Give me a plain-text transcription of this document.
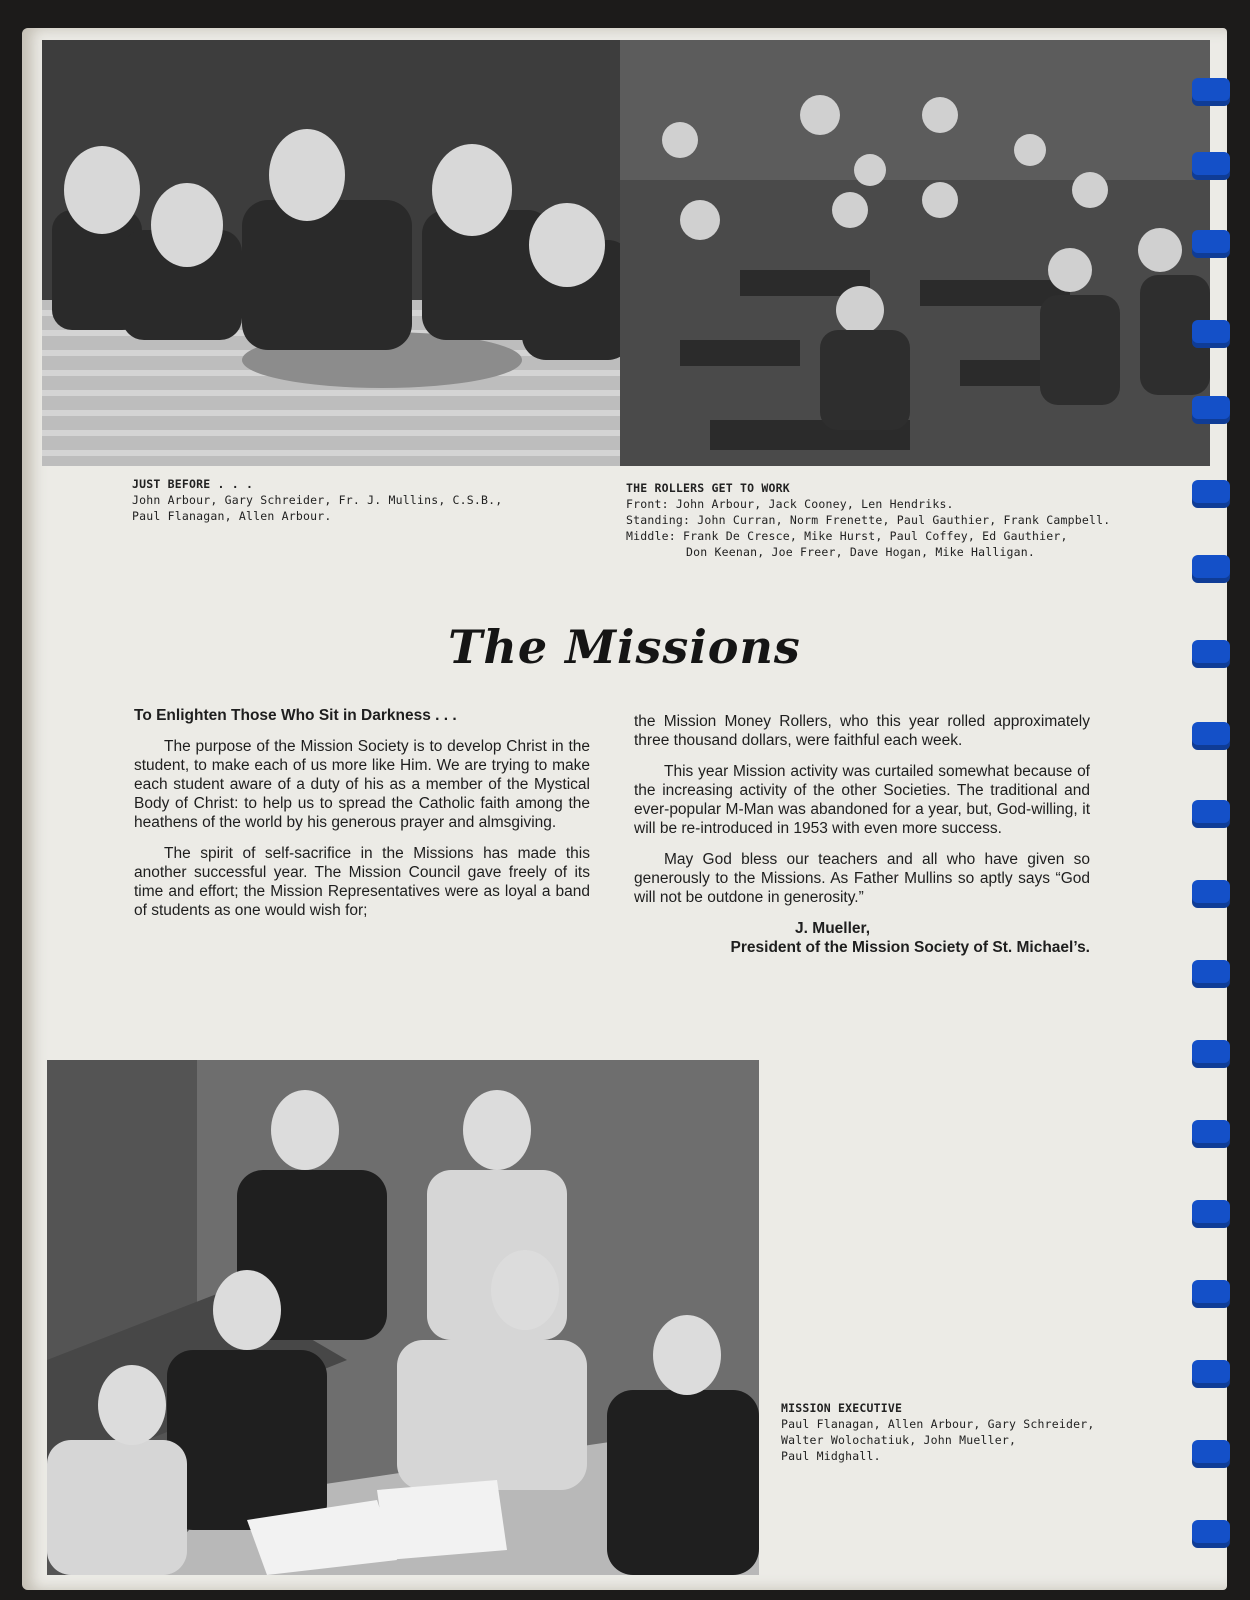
JUST BEFORE . . .
John Arbour, Gary Schreider, Fr. J. Mullins, C.S.B.,
Paul Flanagan, Allen Arbour.
THE ROLLERS GET TO WORK
Front: John Arbour, Jack Cooney, Len Hendriks.
Standing: John Curran, Norm Frenette, Paul Gauthier, Frank Campbell.
Middle: Frank De Cresce, Mike Hurst, Paul Coffey, Ed Gauthier,
Don Keenan, Joe Freer, Dave Hogan, Mike Halligan.
The Missions

To Enlighten Those Who Sit in Darkness . . .

The purpose of the Mission Society is to develop Christ in the student, to make each of us more like Him. We are trying to make each student aware of a duty of his as a member of the Mystical Body of Christ: to help us to spread the Catholic faith among the heathens of the world by his generous prayer and almsgiving.

The spirit of self-sacrifice in the Missions has made this another successful year. The Mission Council gave freely of its time and effort; the Mission Representatives were as loyal a band of students as one would wish for;

the Mission Money Rollers, who this year rolled approximately three thousand dollars, were faithful each week.

This year Mission activity was curtailed somewhat because of the increasing activity of the other Societies. The traditional and ever-popular M-Man was abandoned for a year, but, God-willing, it will be re-introduced in 1953 with even more success.

May God bless our teachers and all who have given so generously to the Missions. As Father Mullins so aptly says “God will not be outdone in generosity.”

J. Mueller,
President of the Mission Society of St. Michael’s.
MISSION EXECUTIVE
Paul Flanagan, Allen Arbour, Gary Schreider,
Walter Wolochatiuk, John Mueller,
Paul Midghall.
